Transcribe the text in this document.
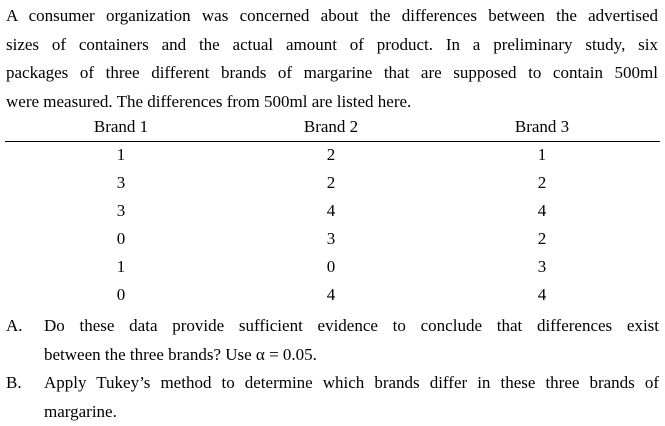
A consumer organization was concerned about the differences between the advertised
sizes of containers and the actual amount of product. In a preliminary study, six
packages of three different brands of margarine that are supposed to contain 500ml
were measured. The differences from 500ml are listed here.
Brand 1	Brand 2	Brand 3
1	2	1
3	2	2
3	4	4
0	3	2
1	0	3
0	4	4
A. Do these data provide sufficient evidence to conclude that differences exist
between the three brands? Use α = 0.05.
B. Apply Tukey’s method to determine which brands differ in these three brands of
margarine.
